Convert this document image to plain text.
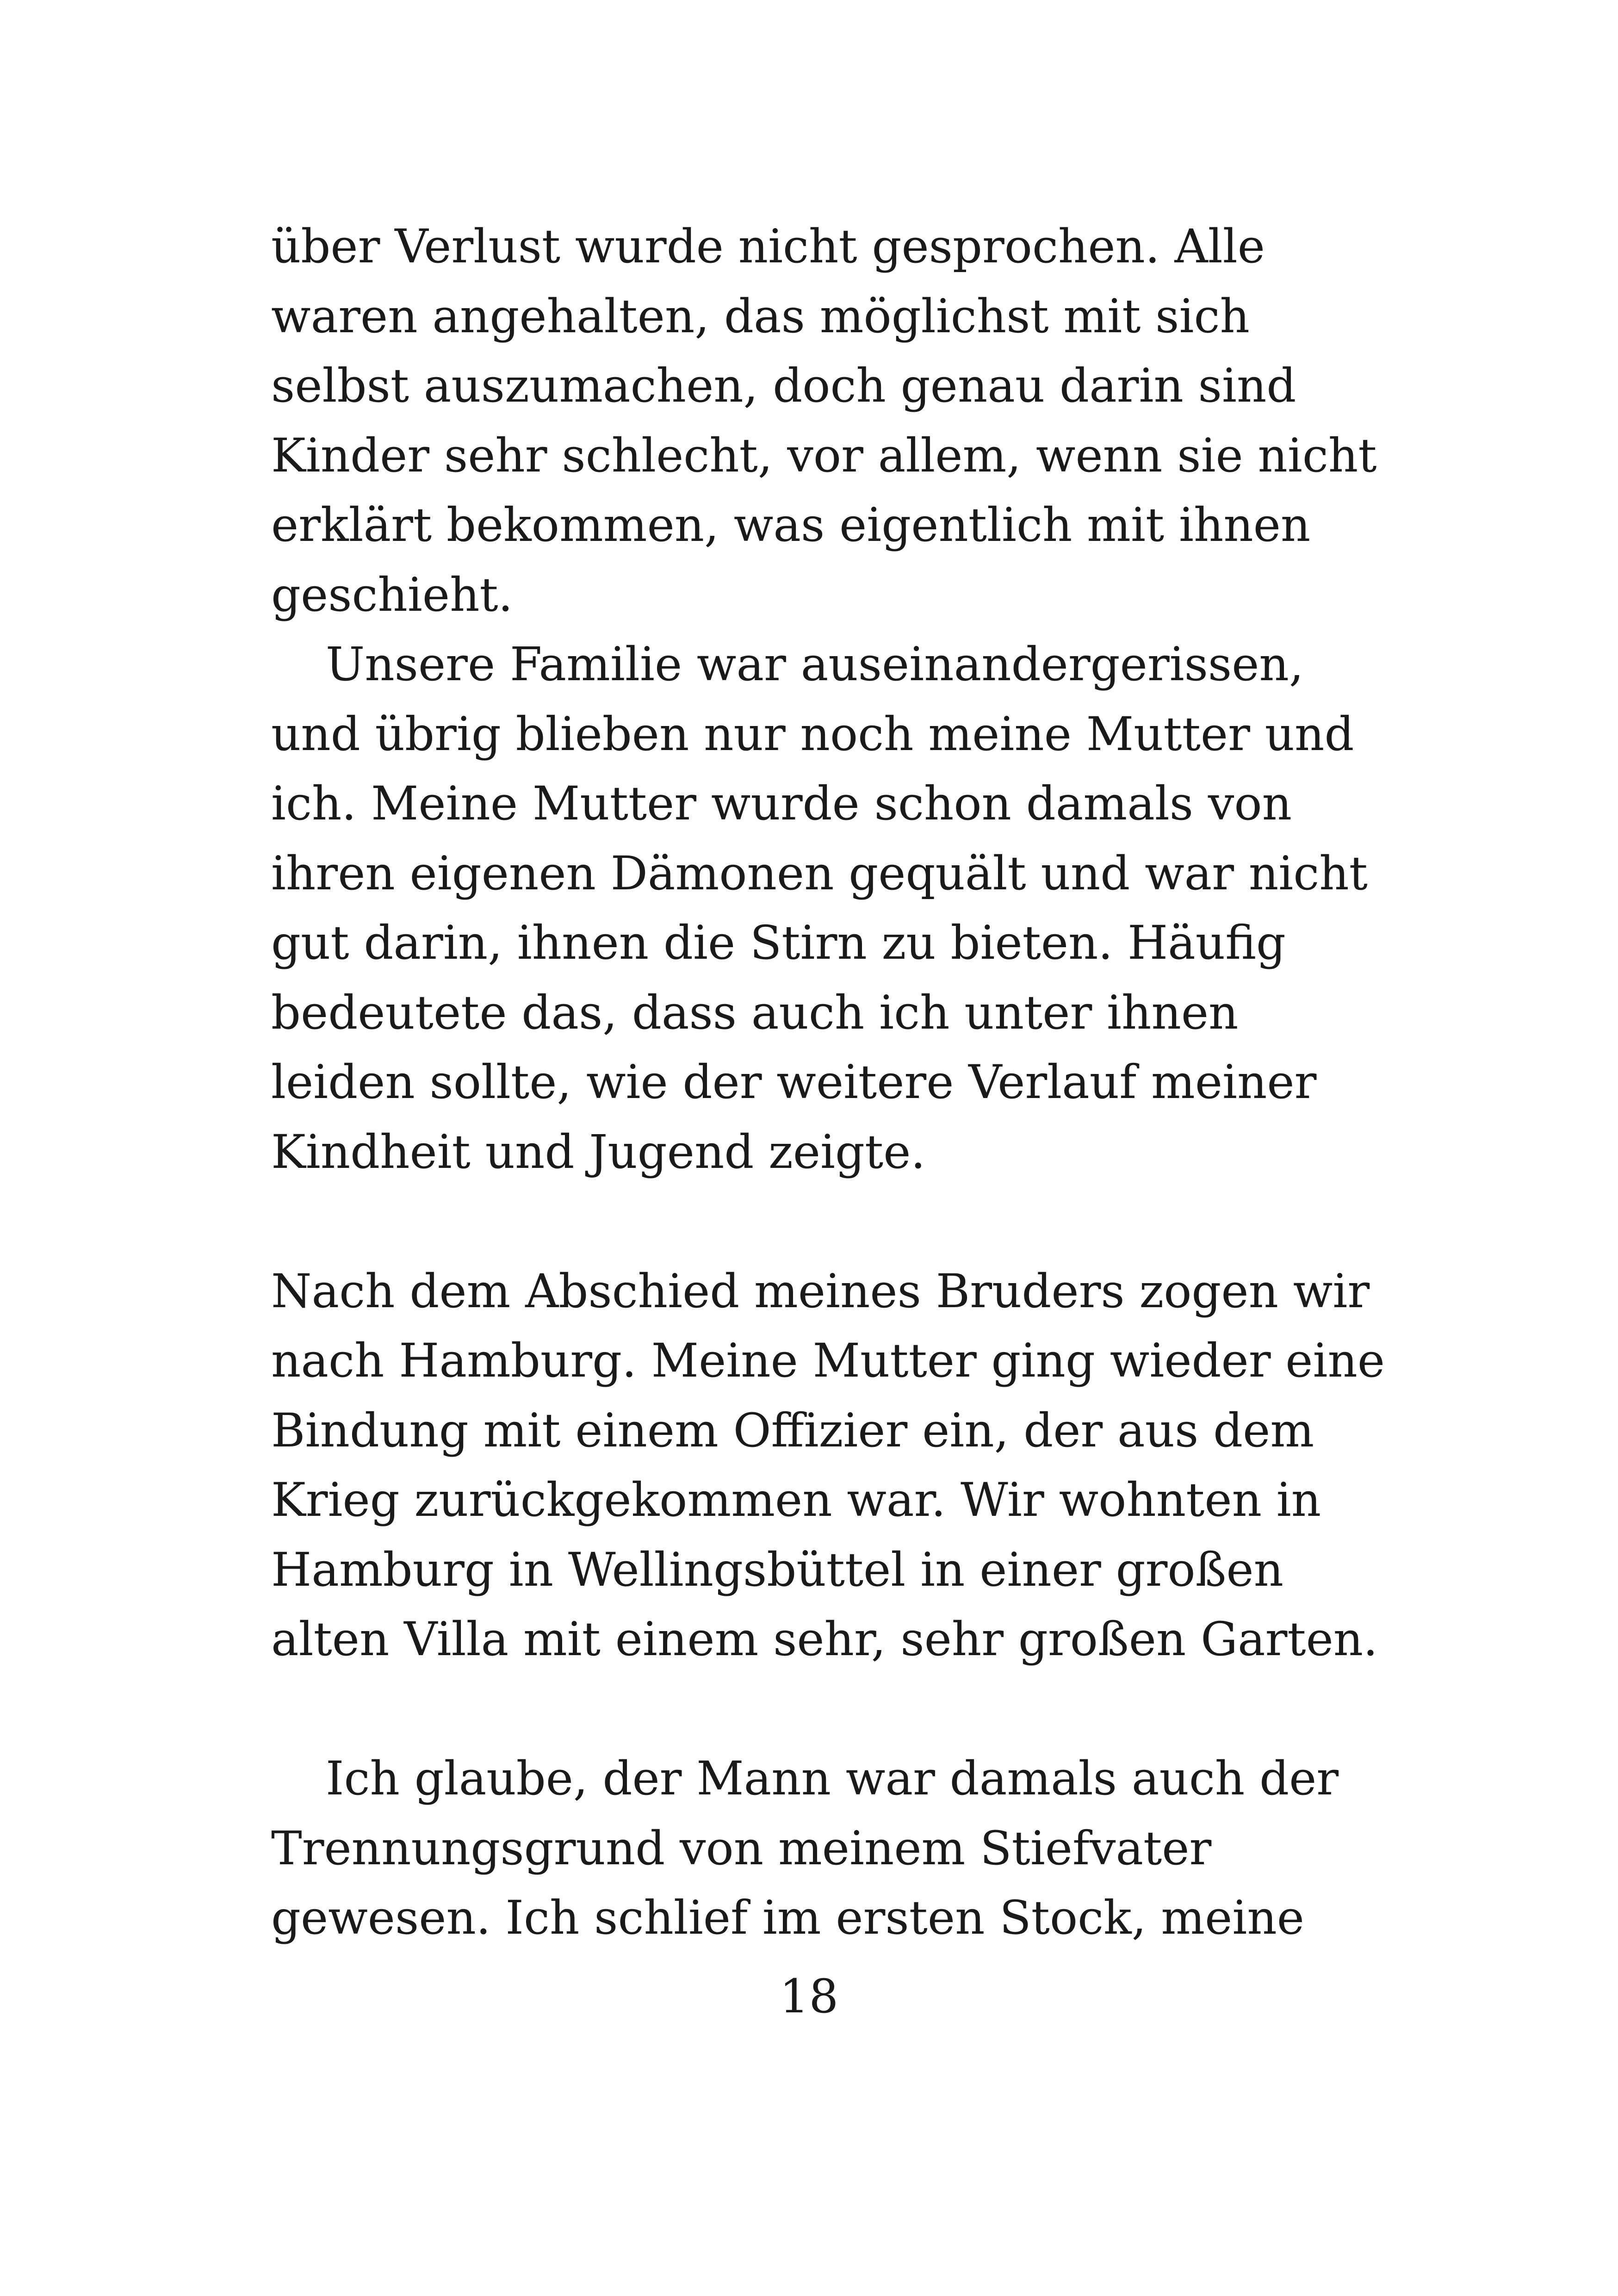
über Verlust wurde nicht gesprochen. Alle
waren angehalten, das möglichst mit sich
selbst auszumachen, doch genau darin sind
Kinder sehr schlecht, vor allem, wenn sie nicht
erklärt bekommen, was eigentlich mit ihnen
geschieht.
Unsere Familie war auseinandergerissen,
und übrig blieben nur noch meine Mutter und
ich. Meine Mutter wurde schon damals von
ihren eigenen Dämonen gequält und war nicht
gut darin, ihnen die Stirn zu bieten. Häufig
bedeutete das, dass auch ich unter ihnen
leiden sollte, wie der weitere Verlauf meiner
Kindheit und Jugend zeigte.
Nach dem Abschied meines Bruders zogen wir
nach Hamburg. Meine Mutter ging wieder eine
Bindung mit einem Offizier ein, der aus dem
Krieg zurückgekommen war. Wir wohnten in
Hamburg in Wellingsbüttel in einer großen
alten Villa mit einem sehr, sehr großen Garten.
Ich glaube, der Mann war damals auch der
Trennungsgrund von meinem Stiefvater
gewesen. Ich schlief im ersten Stock, meine
18
